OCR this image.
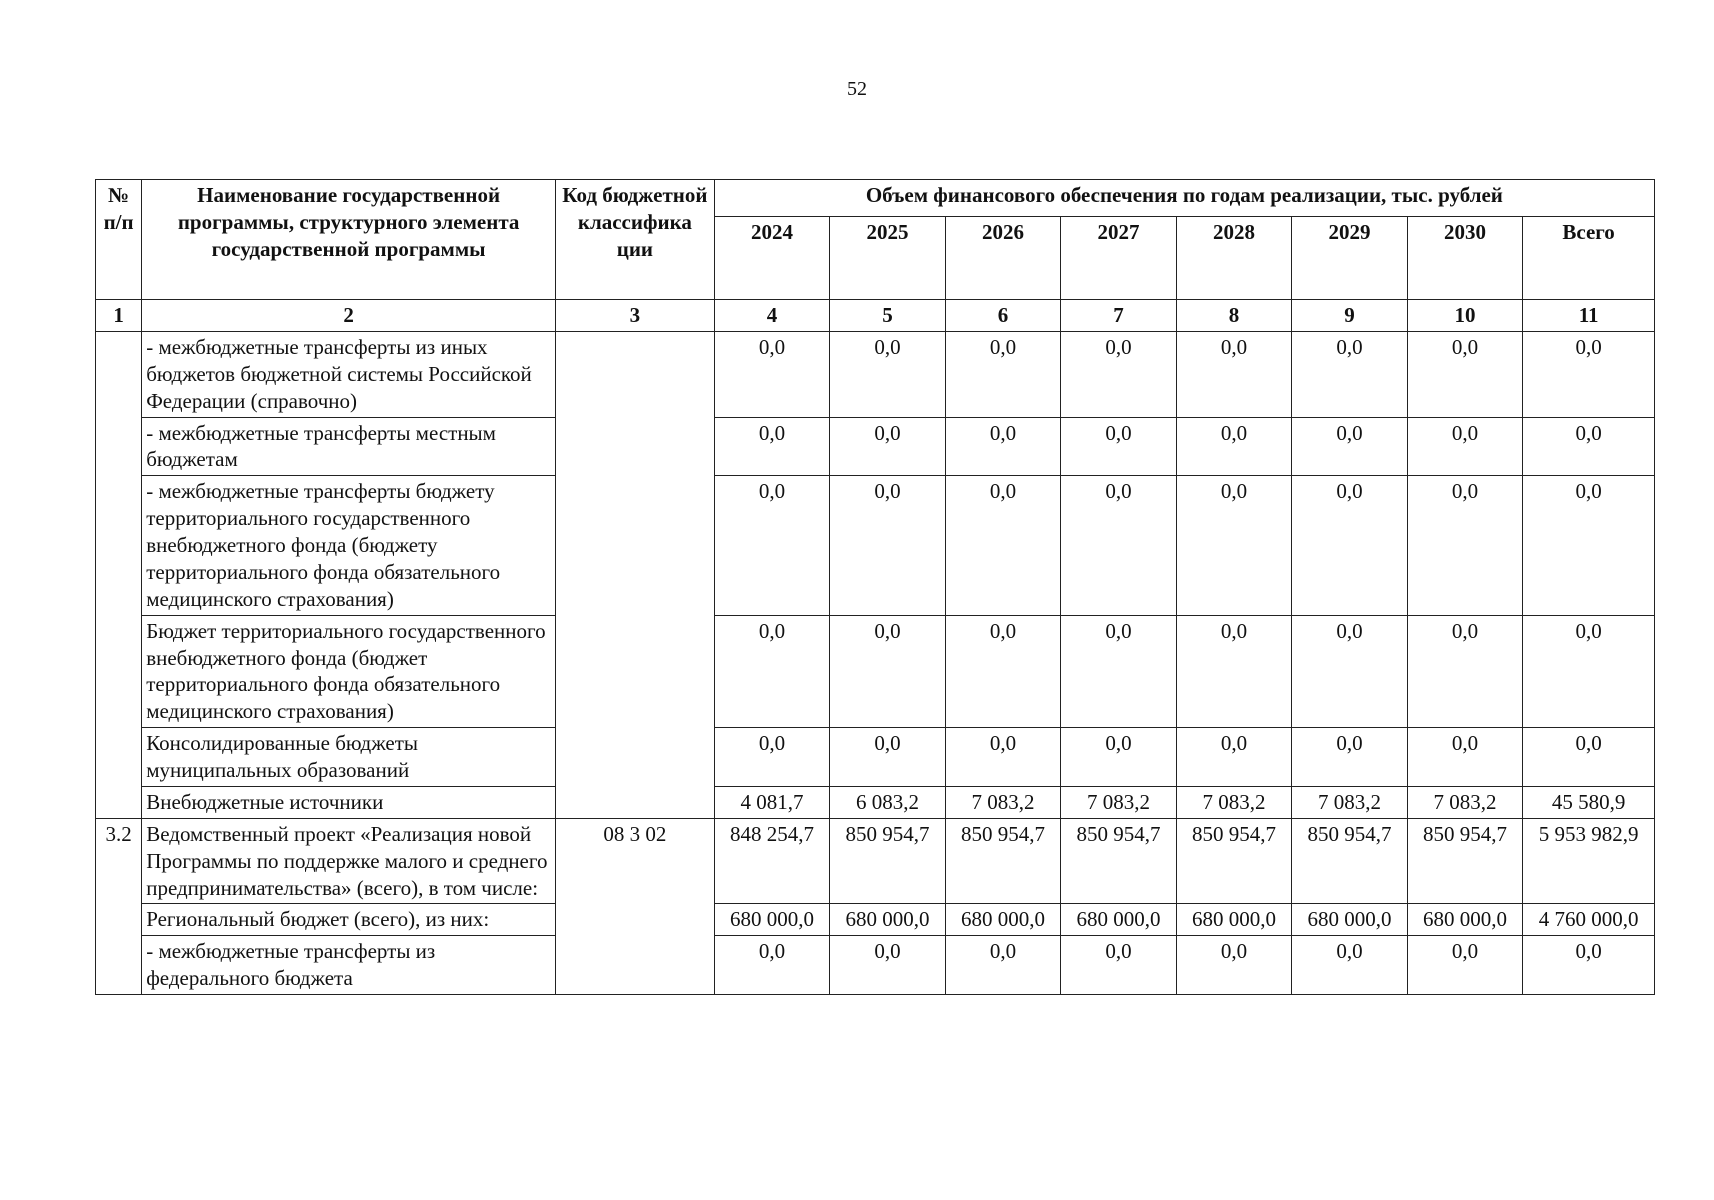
52
№ п/п	Наименование государственной программы, структурного элемента государственной программы	Код бюджетной классифика ции	Объем финансового обеспечения по годам реализации, тыс. рублей							
			2024	2025	2026	2027	2028	2029	2030	Всего
1	2	3	4	5	6	7	8	9	10	11
	- межбюджетные трансферты из иных бюджетов бюджетной системы Российской Федерации (справочно)		0,0	0,0	0,0	0,0	0,0	0,0	0,0	0,0
	- межбюджетные трансферты местным бюджетам		0,0	0,0	0,0	0,0	0,0	0,0	0,0	0,0
	- межбюджетные трансферты бюджету территориального государственного внебюджетного фонда (бюджету территориального фонда обязательного медицинского страхования)		0,0	0,0	0,0	0,0	0,0	0,0	0,0	0,0
	Бюджет территориального государственного внебюджетного фонда (бюджет территориального фонда обязательного медицинского страхования)		0,0	0,0	0,0	0,0	0,0	0,0	0,0	0,0
	Консолидированные бюджеты муниципальных образований		0,0	0,0	0,0	0,0	0,0	0,0	0,0	0,0
	Внебюджетные источники		4 081,7	6 083,2	7 083,2	7 083,2	7 083,2	7 083,2	7 083,2	45 580,9
3.2	Ведомственный проект «Реализация новой Программы по поддержке малого и среднего предпринимательства» (всего), в том числе:	08 3 02	848 254,7	850 954,7	850 954,7	850 954,7	850 954,7	850 954,7	850 954,7	5 953 982,9
	Региональный бюджет (всего), из них:		680 000,0	680 000,0	680 000,0	680 000,0	680 000,0	680 000,0	680 000,0	4 760 000,0
	- межбюджетные трансферты из федерального бюджета		0,0	0,0	0,0	0,0	0,0	0,0	0,0	0,0
